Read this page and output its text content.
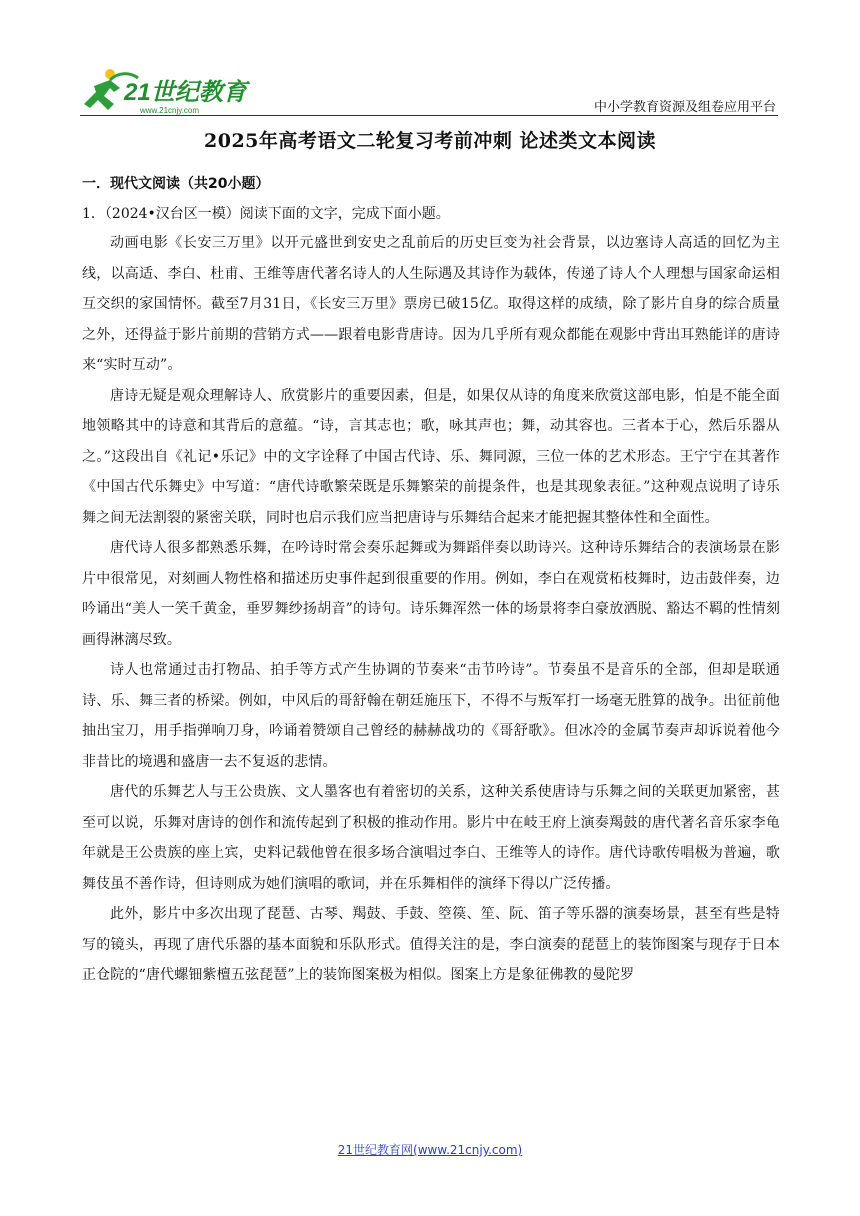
21世纪教育
www.21cnjy.com	中小学教育资源及组卷应用平台
2025年高考语文二轮复习考前冲刺 论述类文本阅读
一．现代文阅读（共20小题）

1．（2024•汉台区一模）阅读下面的文字，完成下面小题。

动画电影《长安三万里》以开元盛世到安史之乱前后的历史巨变为社会背景，以边塞诗人高适的回忆为主线，以高适、李白、杜甫、王维等唐代著名诗人的人生际遇及其诗作为载体，传递了诗人个人理想与国家命运相互交织的家国情怀。截至7月31日，《长安三万里》票房已破15亿。取得这样的成绩，除了影片自身的综合质量之外，还得益于影片前期的营销方式——跟着电影背唐诗。因为几乎所有观众都能在观影中背出耳熟能详的唐诗来“实时互动”。

唐诗无疑是观众理解诗人、欣赏影片的重要因素，但是，如果仅从诗的角度来欣赏这部电影，怕是不能全面地领略其中的诗意和其背后的意蕴。“诗，言其志也；歌，咏其声也；舞，动其容也。三者本于心，然后乐器从之。”这段出自《礼记•乐记》中的文字诠释了中国古代诗、乐、舞同源，三位一体的艺术形态。王宁宁在其著作《中国古代乐舞史》中写道：“唐代诗歌繁荣既是乐舞繁荣的前提条件，也是其现象表征。”这种观点说明了诗乐舞之间无法割裂的紧密关联，同时也启示我们应当把唐诗与乐舞结合起来才能把握其整体性和全面性。

唐代诗人很多都熟悉乐舞，在吟诗时常会奏乐起舞或为舞蹈伴奏以助诗兴。这种诗乐舞结合的表演场景在影片中很常见，对刻画人物性格和描述历史事件起到很重要的作用。例如，李白在观赏柘枝舞时，边击鼓伴奏，边吟诵出“美人一笑千黄金，垂罗舞纱扬胡音”的诗句。诗乐舞浑然一体的场景将李白豪放洒脱、豁达不羁的性情刻画得淋漓尽致。

诗人也常通过击打物品、拍手等方式产生协调的节奏来“击节吟诗”。节奏虽不是音乐的全部，但却是联通诗、乐、舞三者的桥梁。例如，中风后的哥舒翰在朝廷施压下，不得不与叛军打一场毫无胜算的战争。出征前他抽出宝刀，用手指弹响刀身，吟诵着赞颂自己曾经的赫赫战功的《哥舒歌》。但冰冷的金属节奏声却诉说着他今非昔比的境遇和盛唐一去不复返的悲情。

唐代的乐舞艺人与王公贵族、文人墨客也有着密切的关系，这种关系使唐诗与乐舞之间的关联更加紧密，甚至可以说，乐舞对唐诗的创作和流传起到了积极的推动作用。影片中在岐王府上演奏羯鼓的唐代著名音乐家李龟年就是王公贵族的座上宾，史料记载他曾在很多场合演唱过李白、王维等人的诗作。唐代诗歌传唱极为普遍，歌舞伎虽不善作诗，但诗则成为她们演唱的歌词，并在乐舞相伴的演绎下得以广泛传播。

此外，影片中多次出现了琵琶、古琴、羯鼓、手鼓、箜篌、笙、阮、笛子等乐器的演奏场景，甚至有些是特写的镜头，再现了唐代乐器的基本面貌和乐队形式。值得关注的是，李白演奏的琵琶上的装饰图案与现存于日本正仓院的“唐代螺钿紫檀五弦琵琶”上的装饰图案极为相似。图案上方是象征佛教的曼陀罗

21世纪教育网(www.21cnjy.com)
